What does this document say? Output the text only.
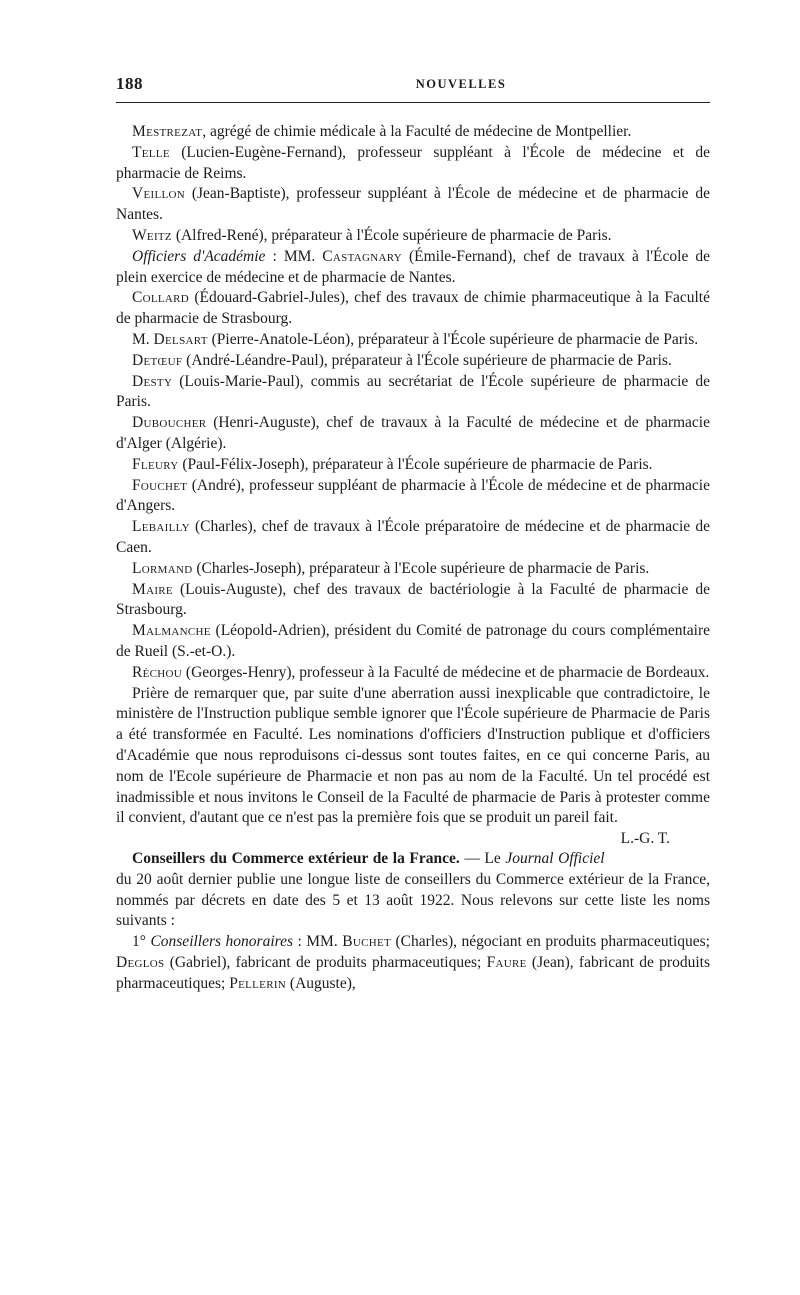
188	NOUVELLES

Mestrezat, agrégé de chimie médicale à la Faculté de médecine de Montpellier.

Telle (Lucien-Eugène-Fernand), professeur suppléant à l'École de médecine et de pharmacie de Reims.

Veillon (Jean-Baptiste), professeur suppléant à l'École de médecine et de pharmacie de Nantes.

Weitz (Alfred-René), préparateur à l'École supérieure de pharmacie de Paris.

Officiers d'Académie : MM. Castagnary (Émile-Fernand), chef de travaux à l'École de plein exercice de médecine et de pharmacie de Nantes.

Collard (Édouard-Gabriel-Jules), chef des travaux de chimie pharmaceutique à la Faculté de pharmacie de Strasbourg.

M. Delsart (Pierre-Anatole-Léon), préparateur à l'École supérieure de pharmacie de Paris.

Detœuf (André-Léandre-Paul), préparateur à l'École supérieure de pharmacie de Paris.

Desty (Louis-Marie-Paul), commis au secrétariat de l'École supérieure de pharmacie de Paris.

Duboucher (Henri-Auguste), chef de travaux à la Faculté de médecine et de pharmacie d'Alger (Algérie).

Fleury (Paul-Félix-Joseph), préparateur à l'École supérieure de pharmacie de Paris.

Fouchet (André), professeur suppléant de pharmacie à l'École de médecine et de pharmacie d'Angers.

Lebailly (Charles), chef de travaux à l'École préparatoire de médecine et de pharmacie de Caen.

Lormand (Charles-Joseph), préparateur à l'Ecole supérieure de pharmacie de Paris.

Maire (Louis-Auguste), chef des travaux de bactériologie à la Faculté de pharmacie de Strasbourg.

Malmanche (Léopold-Adrien), président du Comité de patronage du cours complémentaire de Rueil (S.-et-O.).

Réchou (Georges-Henry), professeur à la Faculté de médecine et de pharmacie de Bordeaux.

Prière de remarquer que, par suite d'une aberration aussi inexplicable que contradictoire, le ministère de l'Instruction publique semble ignorer que l'École supérieure de Pharmacie de Paris a été transformée en Faculté. Les nominations d'officiers d'Instruction publique et d'officiers d'Académie que nous reproduisons ci-dessus sont toutes faites, en ce qui concerne Paris, au nom de l'Ecole supérieure de Pharmacie et non pas au nom de la Faculté. Un tel procédé est inadmissible et nous invitons le Conseil de la Faculté de pharmacie de Paris à protester comme il convient, d'autant que ce n'est pas la première fois que se produit un pareil fait.
L.-G. T.

Conseillers du Commerce extérieur de la France. — Le Journal Officiel du 20 août dernier publie une longue liste de conseillers du Commerce extérieur de la France, nommés par décrets en date des 5 et 13 août 1922. Nous relevons sur cette liste les noms suivants :

1° Conseillers honoraires : MM. Buchet (Charles), négociant en produits pharmaceutiques; Deglos (Gabriel), fabricant de produits pharmaceutiques; Faure (Jean), fabricant de produits pharmaceutiques; Pellerin (Auguste),
